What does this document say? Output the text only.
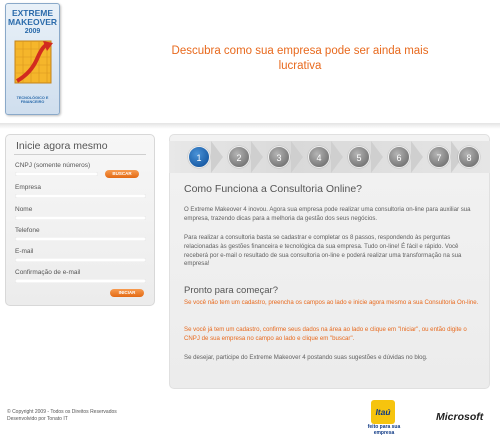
EXTREME
MAKEOVER
2009
TECNOLÓGICO E FINANCEIRO
Descubra como sua empresa pode ser ainda mais lucrativa
Inicie agora mesmo
CNPJ (somente números)
BUSCAR
Empresa
Nome
Telefone
E-mail
Confirmação de e-mail
INICIAR
1	2	3	4	5	6	7	8
Como Funciona a Consultoria Online?
O Extreme Makeover 4 inovou. Agora sua empresa pode realizar uma consultoria on-line para auxiliar sua empresa, trazendo dicas para a melhoria da gestão dos seus negócios.
Para realizar a consultoria basta se cadastrar e completar os 8 passos, respondendo às perguntas relacionadas às gestões financeira e tecnológica da sua empresa. Tudo on-line! É fácil e rápido. Você receberá por e-mail o resultado de sua consultoria on-line e poderá realizar uma transformação na sua empresa!
Pronto para começar?
Se você não tem um cadastro, preencha os campos ao lado e inicie agora mesmo a sua Consultoria On-line.
Se você já tem um cadastro, confirme seus dados na área ao lado e clique em "Iniciar", ou então digite o CNPJ de sua empresa no campo ao lado e clique em "buscar".
Se desejar, participe do Extreme Makeover 4 postando suas sugestões e dúvidas no blog.
© Copyright 2009 - Todos os Direitos Reservados
Desenvolvido por Tonato IT
Itaú
feito para sua empresa
Microsoft
